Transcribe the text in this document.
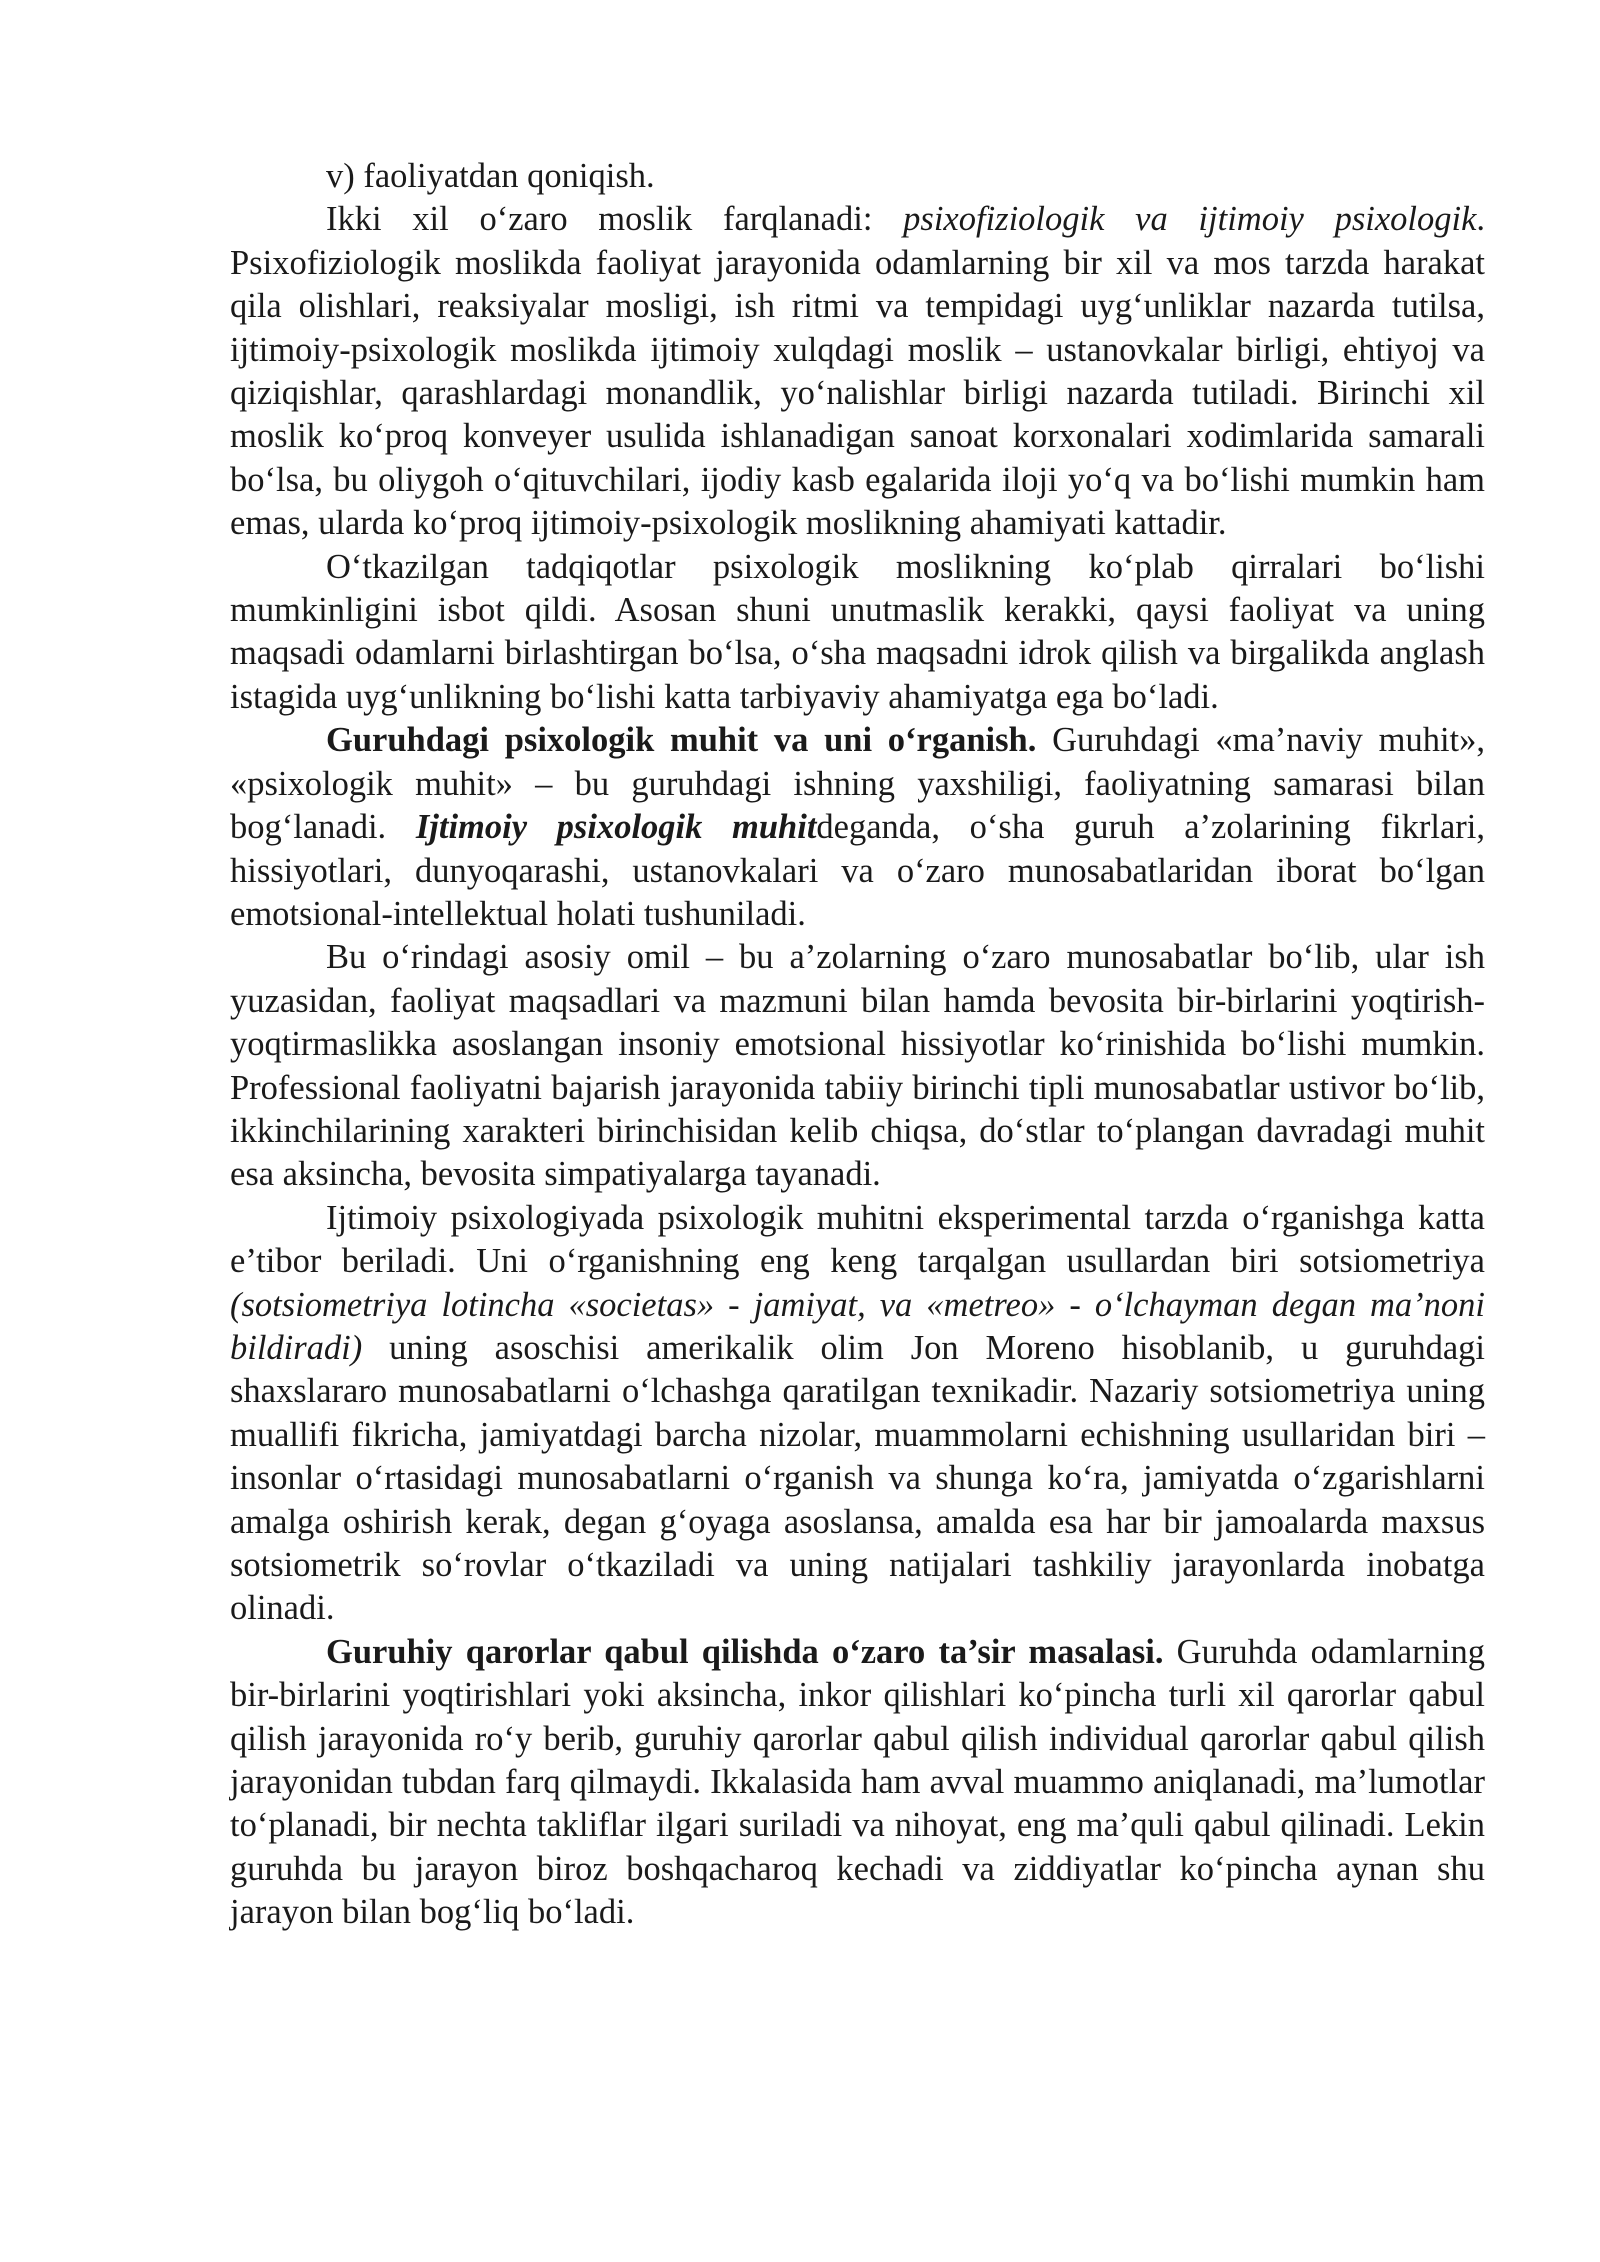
v) faoliyatdan qoniqish.

Ikki xil o‘zaro moslik farqlanadi: psixofiziologik va ijtimoiy psixologik. Psixofiziologik moslikda faoliyat jarayonida odamlarning bir xil va mos tarzda harakat qila olishlari, reaksiyalar mosligi, ish ritmi va tempidagi uyg‘unliklar nazarda tutilsa, ijtimoiy-psixologik moslikda ijtimoiy xulqdagi moslik – ustanovkalar birligi, ehtiyoj va qiziqishlar, qarashlardagi monandlik, yo‘nalishlar birligi nazarda tutiladi. Birinchi xil moslik ko‘proq konveyer usulida ishlanadigan sanoat korxonalari xodimlarida samarali bo‘lsa, bu oliygoh o‘qituvchilari, ijodiy kasb egalarida iloji yo‘q va bo‘lishi mumkin ham emas, ularda ko‘proq ijtimoiy-psixologik moslikning ahamiyati kattadir.

O‘tkazilgan tadqiqotlar psixologik moslikning ko‘plab qirralari bo‘lishi mumkinligini isbot qildi. Asosan shuni unutmaslik kerakki, qaysi faoliyat va uning maqsadi odamlarni birlashtirgan bo‘lsa, o‘sha maqsadni idrok qilish va birgalikda anglash istagida uyg‘unlikning bo‘lishi katta tarbiyaviy ahamiyatga ega bo‘ladi.

Guruhdagi psixologik muhit va uni o‘rganish. Guruhdagi «ma’naviy muhit», «psixologik muhit» – bu guruhdagi ishning yaxshiligi, faoliyatning samarasi bilan bog‘lanadi. Ijtimoiy psixologik muhitdeganda, o‘sha guruh a’zolarining fikrlari, hissiyotlari, dunyoqarashi, ustanovkalari va o‘zaro munosabatlaridan iborat bo‘lgan emotsional-intellektual holati tushuniladi.

Bu o‘rindagi asosiy omil – bu a’zolarning o‘zaro munosabatlar bo‘lib, ular ish yuzasidan, faoliyat maqsadlari va mazmuni bilan hamda bevosita bir-birlarini yoqtirish-yoqtirmaslikka asoslangan insoniy emotsional hissiyotlar ko‘rinishida bo‘lishi mumkin. Professional faoliyatni bajarish jarayonida tabiiy birinchi tipli munosabatlar ustivor bo‘lib, ikkinchilarining xarakteri birinchisidan kelib chiqsa, do‘stlar to‘plangan davradagi muhit esa aksincha, bevosita simpatiyalarga tayanadi.

Ijtimoiy psixologiyada psixologik muhitni eksperimental tarzda o‘rganishga katta e’tibor beriladi. Uni o‘rganishning eng keng tarqalgan usullardan biri sotsiometriya (sotsiometriya lotincha «societas» - jamiyat, va «metreo» - o‘lchayman degan ma’noni bildiradi) uning asoschisi amerikalik olim Jon Moreno hisoblanib, u guruhdagi shaxslararo munosabatlarni o‘lchashga qaratilgan texnikadir. Nazariy sotsiometriya uning muallifi fikricha, jamiyatdagi barcha nizolar, muammolarni echishning usullaridan biri – insonlar o‘rtasidagi munosabatlarni o‘rganish va shunga ko‘ra, jamiyatda o‘zgarishlarni amalga oshirish kerak, degan g‘oyaga asoslansa, amalda esa har bir jamoalarda maxsus sotsiometrik so‘rovlar o‘tkaziladi va uning natijalari tashkiliy jarayonlarda inobatga olinadi.

Guruhiy qarorlar qabul qilishda o‘zaro ta’sir masalasi. Guruhda odamlarning bir-birlarini yoqtirishlari yoki aksincha, inkor qilishlari ko‘pincha turli xil qarorlar qabul qilish jarayonida ro‘y berib, guruhiy qarorlar qabul qilish individual qarorlar qabul qilish jarayonidan tubdan farq qilmaydi. Ikkalasida ham avval muammo aniqlanadi, ma’lumotlar to‘planadi, bir nechta takliflar ilgari suriladi va nihoyat, eng ma’quli qabul qilinadi. Lekin guruhda bu jarayon biroz boshqacharoq kechadi va ziddiyatlar ko‘pincha aynan shu jarayon bilan bog‘liq bo‘ladi.
